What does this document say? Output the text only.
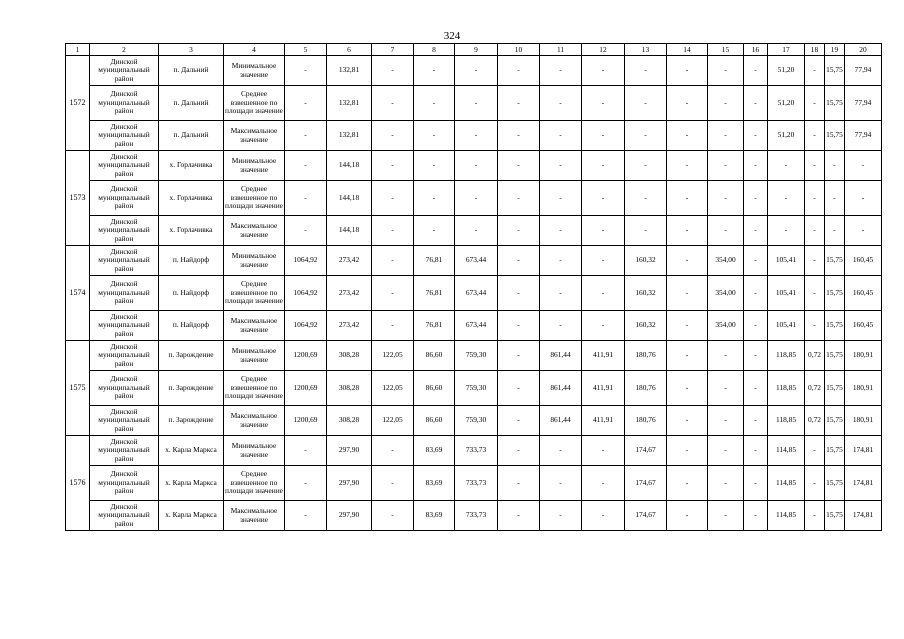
324
1	2	3	4	5	6	7	8	9	10	11	12	13	14	15	16	17	18	19	20
1572	Динской муниципальный район	п. Дальний	Минимальное значение	-	132,81	-	-	-	-	-	-	-	-	-	-	51,20	-	15,75	77,94
	Динской муниципальный район	п. Дальний	Среднее взвешенное по площади значение	-	132,81	-	-	-	-	-	-	-	-	-	-	51,20	-	15,75	77,94
	Динской муниципальный район	п. Дальний	Максимальное значение	-	132,81	-	-	-	-	-	-	-	-	-	-	51,20	-	15,75	77,94
1573	Динской муниципальный район	х. Горлачивка	Минимальное значение	-	144,18	-	-	-	-	-	-	-	-	-	-	-	-	-	-
	Динской муниципальный район	х. Горлачивка	Среднее взвешенное по площади значение	-	144,18	-	-	-	-	-	-	-	-	-	-	-	-	-	-
	Динской муниципальный район	х. Горлачивка	Максимальное значение	-	144,18	-	-	-	-	-	-	-	-	-	-	-	-	-	-
1574	Динской муниципальный район	п. Найдорф	Минимальное значение	1064,92	273,42	-	76,81	673,44	-	-	-	160,32	-	354,00	-	105,41	-	15,75	160,45
	Динской муниципальный район	п. Найдорф	Среднее взвешенное по площади значение	1064,92	273,42	-	76,81	673,44	-	-	-	160,32	-	354,00	-	105,41	-	15,75	160,45
	Динской муниципальный район	п. Найдорф	Максимальное значение	1064,92	273,42	-	76,81	673,44	-	-	-	160,32	-	354,00	-	105,41	-	15,75	160,45
1575	Динской муниципальный район	п. Зарождение	Минимальное значение	1200,69	308,28	122,05	86,60	759,30	-	861,44	411,91	180,76	-	-	-	118,85	0,72	15,75	180,91
	Динской муниципальный район	п. Зарождение	Среднее взвешенное по площади значение	1200,69	308,28	122,05	86,60	759,30	-	861,44	411,91	180,76	-	-	-	118,85	0,72	15,75	180,91
	Динской муниципальный район	п. Зарождение	Максимальное значение	1200,69	308,28	122,05	86,60	759,30	-	861,44	411,91	180,76	-	-	-	118,85	0,72	15,75	180,91
1576	Динской муниципальный район	х. Карла Маркса	Минимальное значение	-	297,90	-	83,69	733,73	-	-	-	174,67	-	-	-	114,85	-	15,75	174,81
	Динской муниципальный район	х. Карла Маркса	Среднее взвешенное по площади значение	-	297,90	-	83,69	733,73	-	-	-	174,67	-	-	-	114,85	-	15,75	174,81
	Динской муниципальный район	х. Карла Маркса	Максимальное значение	-	297,90	-	83,69	733,73	-	-	-	174,67	-	-	-	114,85	-	15,75	174,81
